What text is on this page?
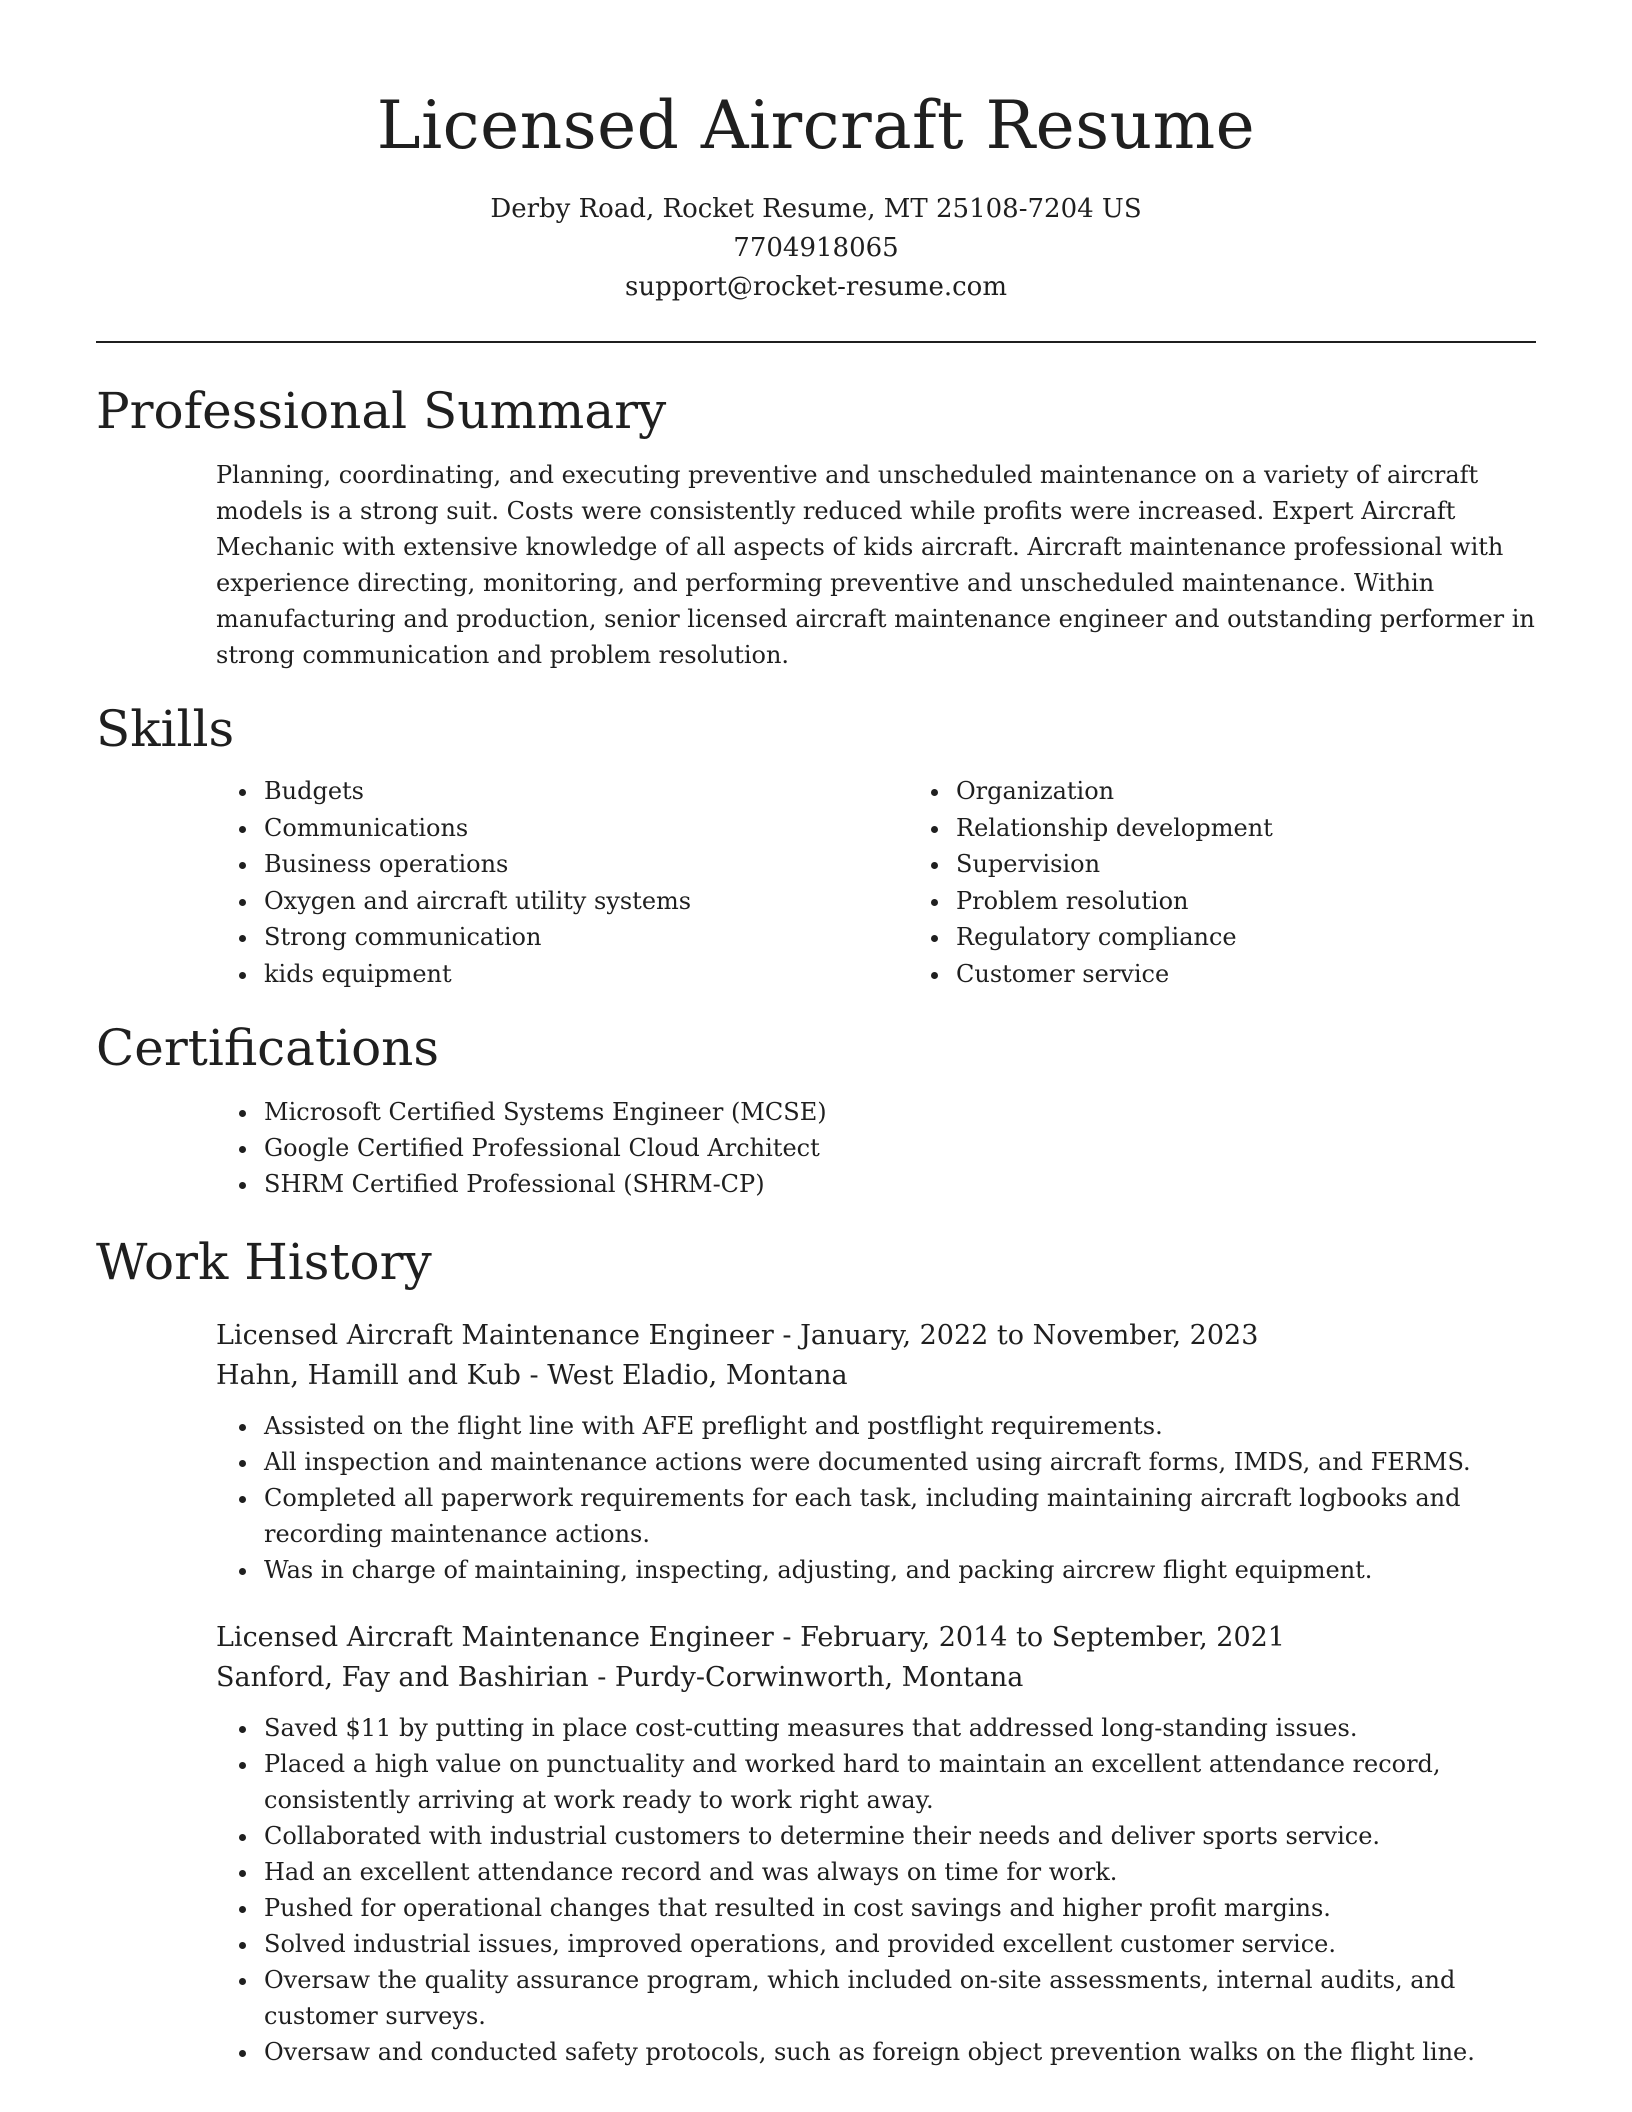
Licensed Aircraft Resume
Derby Road, Rocket Resume, MT 25108-7204 US
7704918065
support@rocket-resume.com
Professional Summary

Planning, coordinating, and executing preventive and unscheduled maintenance on a variety of aircraft models is a strong suit. Costs were consistently reduced while profits were increased. Expert Aircraft Mechanic with extensive knowledge of all aspects of kids aircraft. Aircraft maintenance professional with experience directing, monitoring, and performing preventive and unscheduled maintenance. Within manufacturing and production, senior licensed aircraft maintenance engineer and outstanding performer in strong communication and problem resolution.

Skills
• Budgets
• Communications
• Business operations
• Oxygen and aircraft utility systems
• Strong communication
• kids equipment
• Organization
• Relationship development
• Supervision
• Problem resolution
• Regulatory compliance
• Customer service
Certifications
• Microsoft Certified Systems Engineer (MCSE)
• Google Certified Professional Cloud Architect
• SHRM Certified Professional (SHRM-CP)
Work History

Licensed Aircraft Maintenance Engineer - January, 2022 to November, 2023

Hahn, Hamill and Kub - West Eladio, Montana

• Assisted on the flight line with AFE preflight and postflight requirements.
• All inspection and maintenance actions were documented using aircraft forms, IMDS, and FERMS.
• Completed all paperwork requirements for each task, including maintaining aircraft logbooks and recording maintenance actions.
• Was in charge of maintaining, inspecting, adjusting, and packing aircrew flight equipment.

Licensed Aircraft Maintenance Engineer - February, 2014 to September, 2021

Sanford, Fay and Bashirian - Purdy-Corwinworth, Montana

• Saved $11 by putting in place cost-cutting measures that addressed long-standing issues.
• Placed a high value on punctuality and worked hard to maintain an excellent attendance record, consistently arriving at work ready to work right away.
• Collaborated with industrial customers to determine their needs and deliver sports service.
• Had an excellent attendance record and was always on time for work.
• Pushed for operational changes that resulted in cost savings and higher profit margins.
• Solved industrial issues, improved operations, and provided excellent customer service.
• Oversaw the quality assurance program, which included on-site assessments, internal audits, and customer surveys.
• Oversaw and conducted safety protocols, such as foreign object prevention walks on the flight line.
